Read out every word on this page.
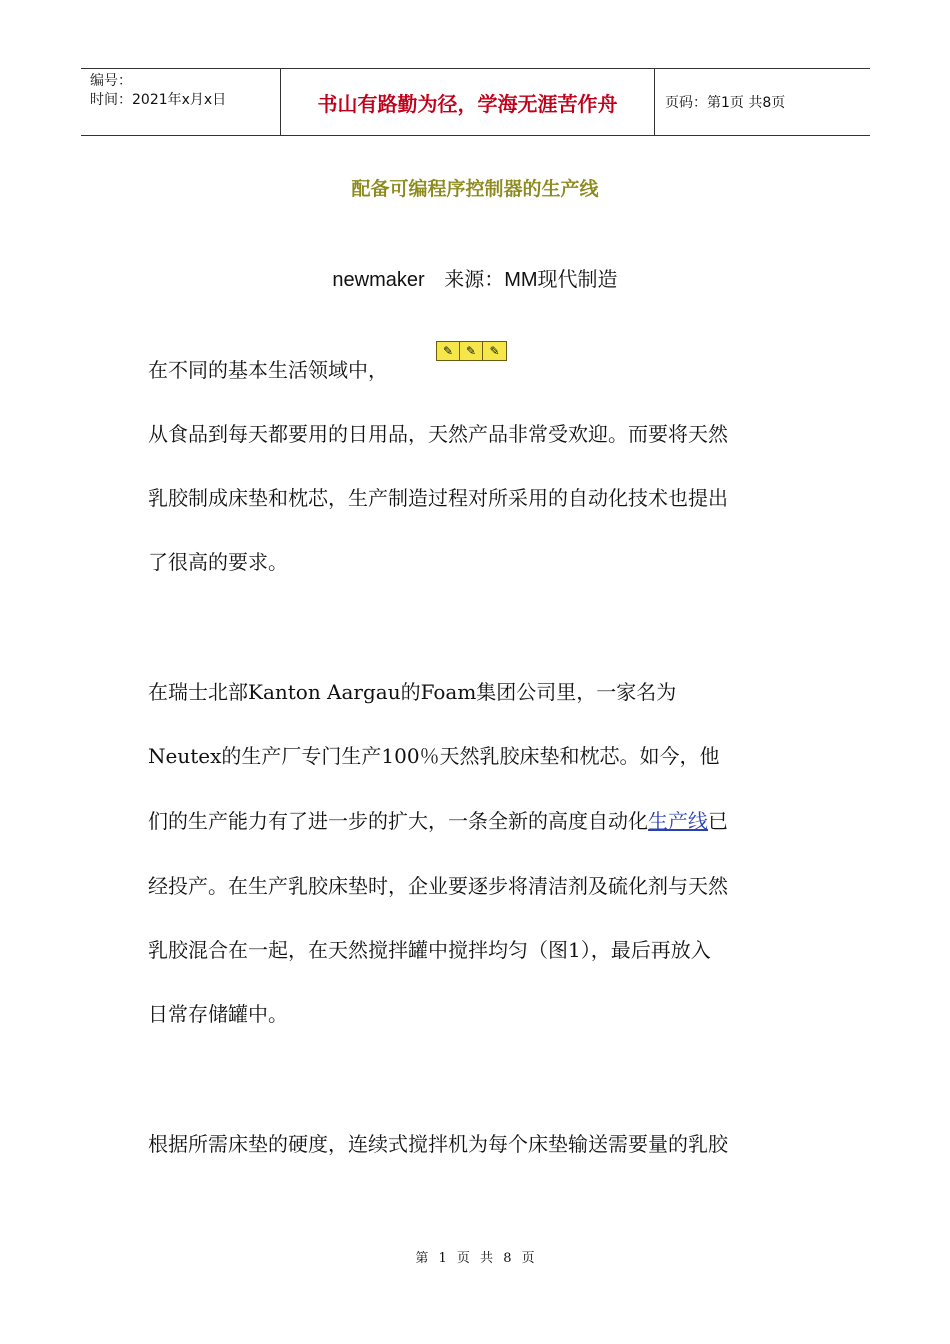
编号：
时间：2021年x月x日	书山有路勤为径，学海无涯苦作舟	页码：第1页 共8页
配备可编程序控制器的生产线
newmaker 来源：MM现代制造
在不同的基本生活领域中，
✎	✎	✎
从食品到每天都要用的日用品，天然产品非常受欢迎。而要将天然
乳胶制成床垫和枕芯，生产制造过程对所采用的自动化技术也提出
了很高的要求。
在瑞士北部Kanton Aargau的Foam集团公司里，一家名为
Neutex的生产厂专门生产100％天然乳胶床垫和枕芯。如今，他
们的生产能力有了进一步的扩大，一条全新的高度自动化生产线已
经投产。在生产乳胶床垫时，企业要逐步将清洁剂及硫化剂与天然
乳胶混合在一起，在天然搅拌罐中搅拌均匀（图1），最后再放入
日常存储罐中。
根据所需床垫的硬度，连续式搅拌机为每个床垫输送需要量的乳胶
第 1 页 共 8 页
